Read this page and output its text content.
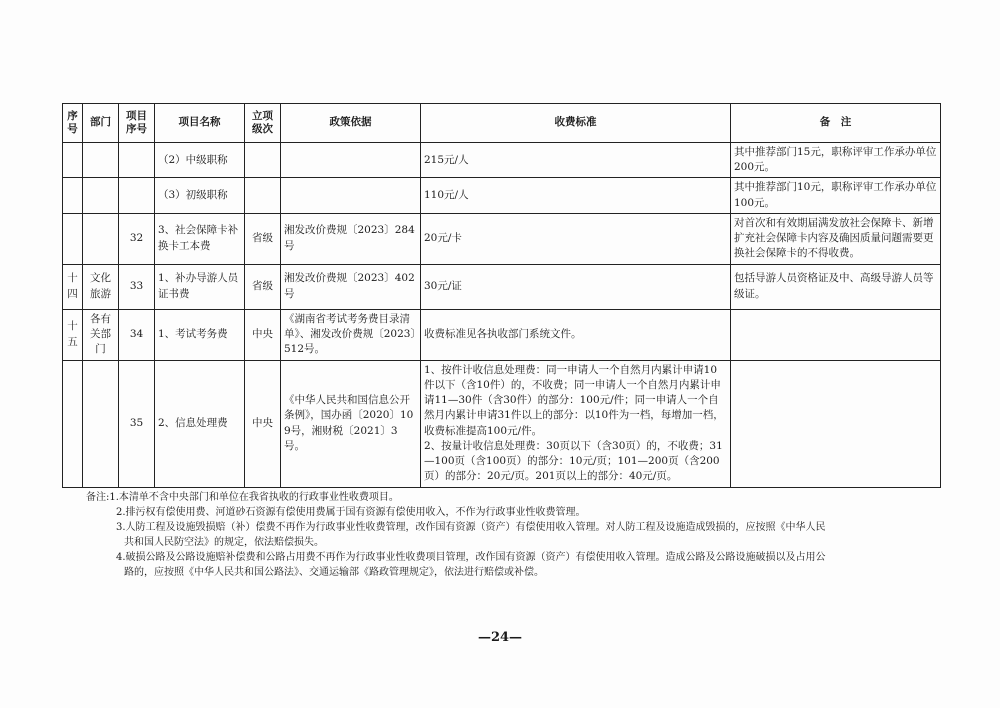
序号	部门	项目序号	项目名称	立项级次	政策依据	收费标准	备　注
			（2）中级职称			215元/人	其中推荐部门15元，职称评审工作承办单位200元。
			（3）初级职称			110元/人	其中推荐部门10元，职称评审工作承办单位100元。
		32	3、社会保障卡补换卡工本费	省级	湘发改价费规〔2023〕284号	20元/卡	对首次和有效期届满发放社会保障卡、新增扩充社会保障卡内容及确因质量问题需要更换社会保障卡的不得收费。
十四	文化旅游	33	1、补办导游人员证书费	省级	湘发改价费规〔2023〕402号	30元/证	包括导游人员资格证及中、高级导游人员等级证。
十五	各有关部门	34	1、考试考务费	中央	《湖南省考试考务费目录清单》、湘发改价费规〔2023〕512号。	收费标准见各执收部门系统文件。	
		35	2、信息处理费	中央	《中华人民共和国信息公开条例》，国办函〔2020〕109号，湘财税〔2021〕3号。	1、按件计收信息处理费：同一申请人一个自然月内累计申请10件以下（含10件）的，不收费；同一申请人一个自然月内累计申请11—30件（含30件）的部分：100元/件；同一申请人一个自然月内累计申请31件以上的部分：以10件为一档，每增加一档，收费标准提高100元/件。
2、按量计收信息处理费：30页以下（含30页）的，不收费；31—100页（含100页）的部分：10元/页；101—200页（含200页）的部分：20元/页。201页以上的部分：40元/页。	
备注:1.本清单不含中央部门和单位在我省执收的行政事业性收费项目。
2.排污权有偿使用费、河道砂石资源有偿使用费属于国有资源有偿使用收入，不作为行政事业性收费管理。
3.人防工程及设施毁损赔（补）偿费不再作为行政事业性收费管理，改作国有资源（资产）有偿使用收入管理。对人防工程及设施造成毁损的，应按照《中华人民
共和国人民防空法》的规定，依法赔偿损失。
4.破损公路及公路设施赔补偿费和公路占用费不再作为行政事业性收费项目管理，改作国有资源（资产）有偿使用收入管理。造成公路及公路设施破损以及占用公
路的，应按照《中华人民共和国公路法》、交通运输部《路政管理规定》，依法进行赔偿或补偿。
—24—
